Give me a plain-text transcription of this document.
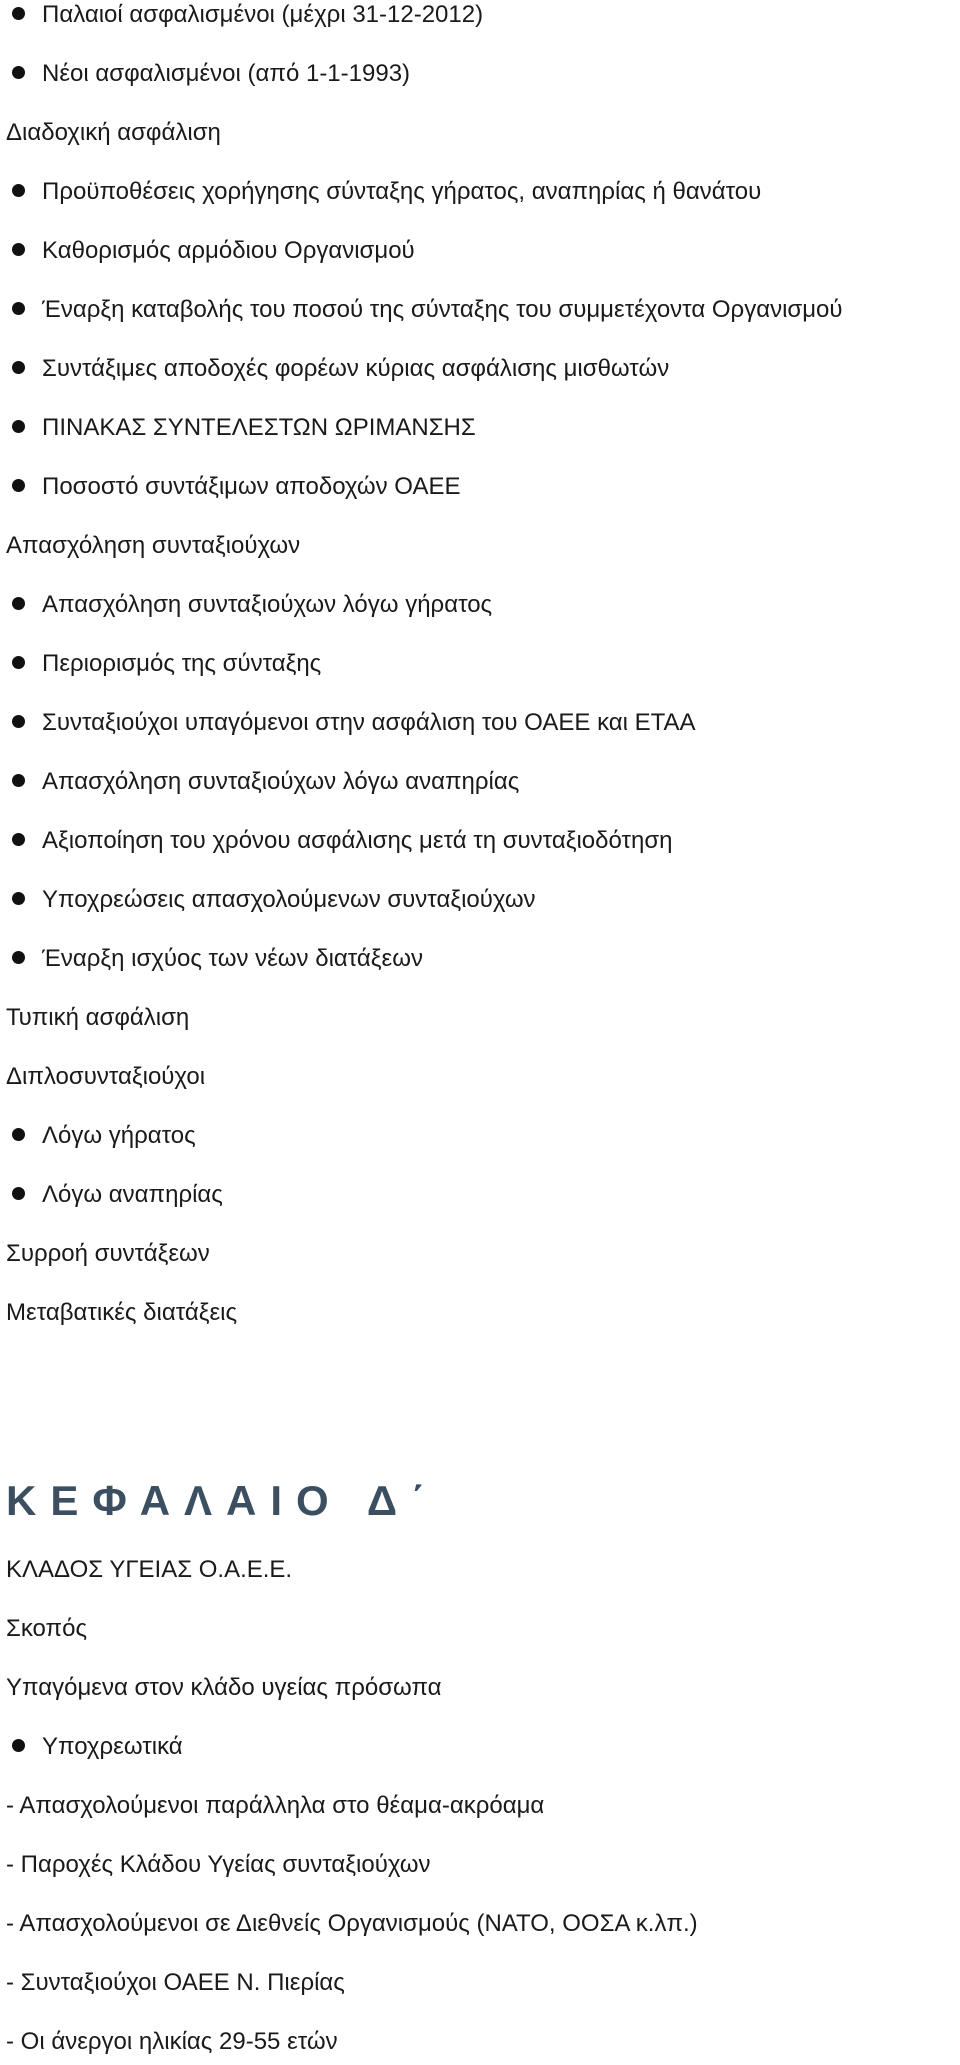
Παλαιοί ασφαλισμένοι (μέχρι 31-12-2012)
Νέοι ασφαλισμένοι (από 1-1-1993)
Διαδοχική ασφάλιση
Προϋποθέσεις χορήγησης σύνταξης γήρατος, αναπηρίας ή θανάτου
Καθορισμός αρμόδιου Οργανισμού
Έναρξη καταβολής του ποσού της σύνταξης του συμμετέχοντα Οργανισμού
Συντάξιμες αποδοχές φορέων κύριας ασφάλισης μισθωτών
ΠΙΝΑΚΑΣ ΣΥΝΤΕΛΕΣΤΩΝ ΩΡΙΜΑΝΣΗΣ
Ποσοστό συντάξιμων αποδοχών ΟΑΕΕ
Απασχόληση συνταξιούχων
Απασχόληση συνταξιούχων λόγω γήρατος
Περιορισμός της σύνταξης
Συνταξιούχοι υπαγόμενοι στην ασφάλιση του ΟΑΕΕ και ΕΤΑΑ
Απασχόληση συνταξιούχων λόγω αναπηρίας
Αξιοποίηση του χρόνου ασφάλισης μετά τη συνταξιοδότηση
Υποχρεώσεις απασχολούμενων συνταξιούχων
Έναρξη ισχύος των νέων διατάξεων
Τυπική ασφάλιση
Διπλοσυνταξιούχοι
Λόγω γήρατος
Λόγω αναπηρίας
Συρροή συντάξεων
Μεταβατικές διατάξεις
ΚΕΦΑΛΑΙΟ Δ΄
ΚΛΑΔΟΣ ΥΓΕΙΑΣ Ο.Α.Ε.Ε.
Σκοπός
Υπαγόμενα στον κλάδο υγείας πρόσωπα
Υποχρεωτικά
- Απασχολούμενοι παράλληλα στο θέαμα-ακρόαμα
- Παροχές Κλάδου Υγείας συνταξιούχων
- Απασχολούμενοι σε Διεθνείς Οργανισμούς (ΝΑΤΟ, ΟΟΣΑ κ.λπ.)
- Συνταξιούχοι ΟΑΕΕ Ν. Πιερίας
- Οι άνεργοι ηλικίας 29-55 ετών
